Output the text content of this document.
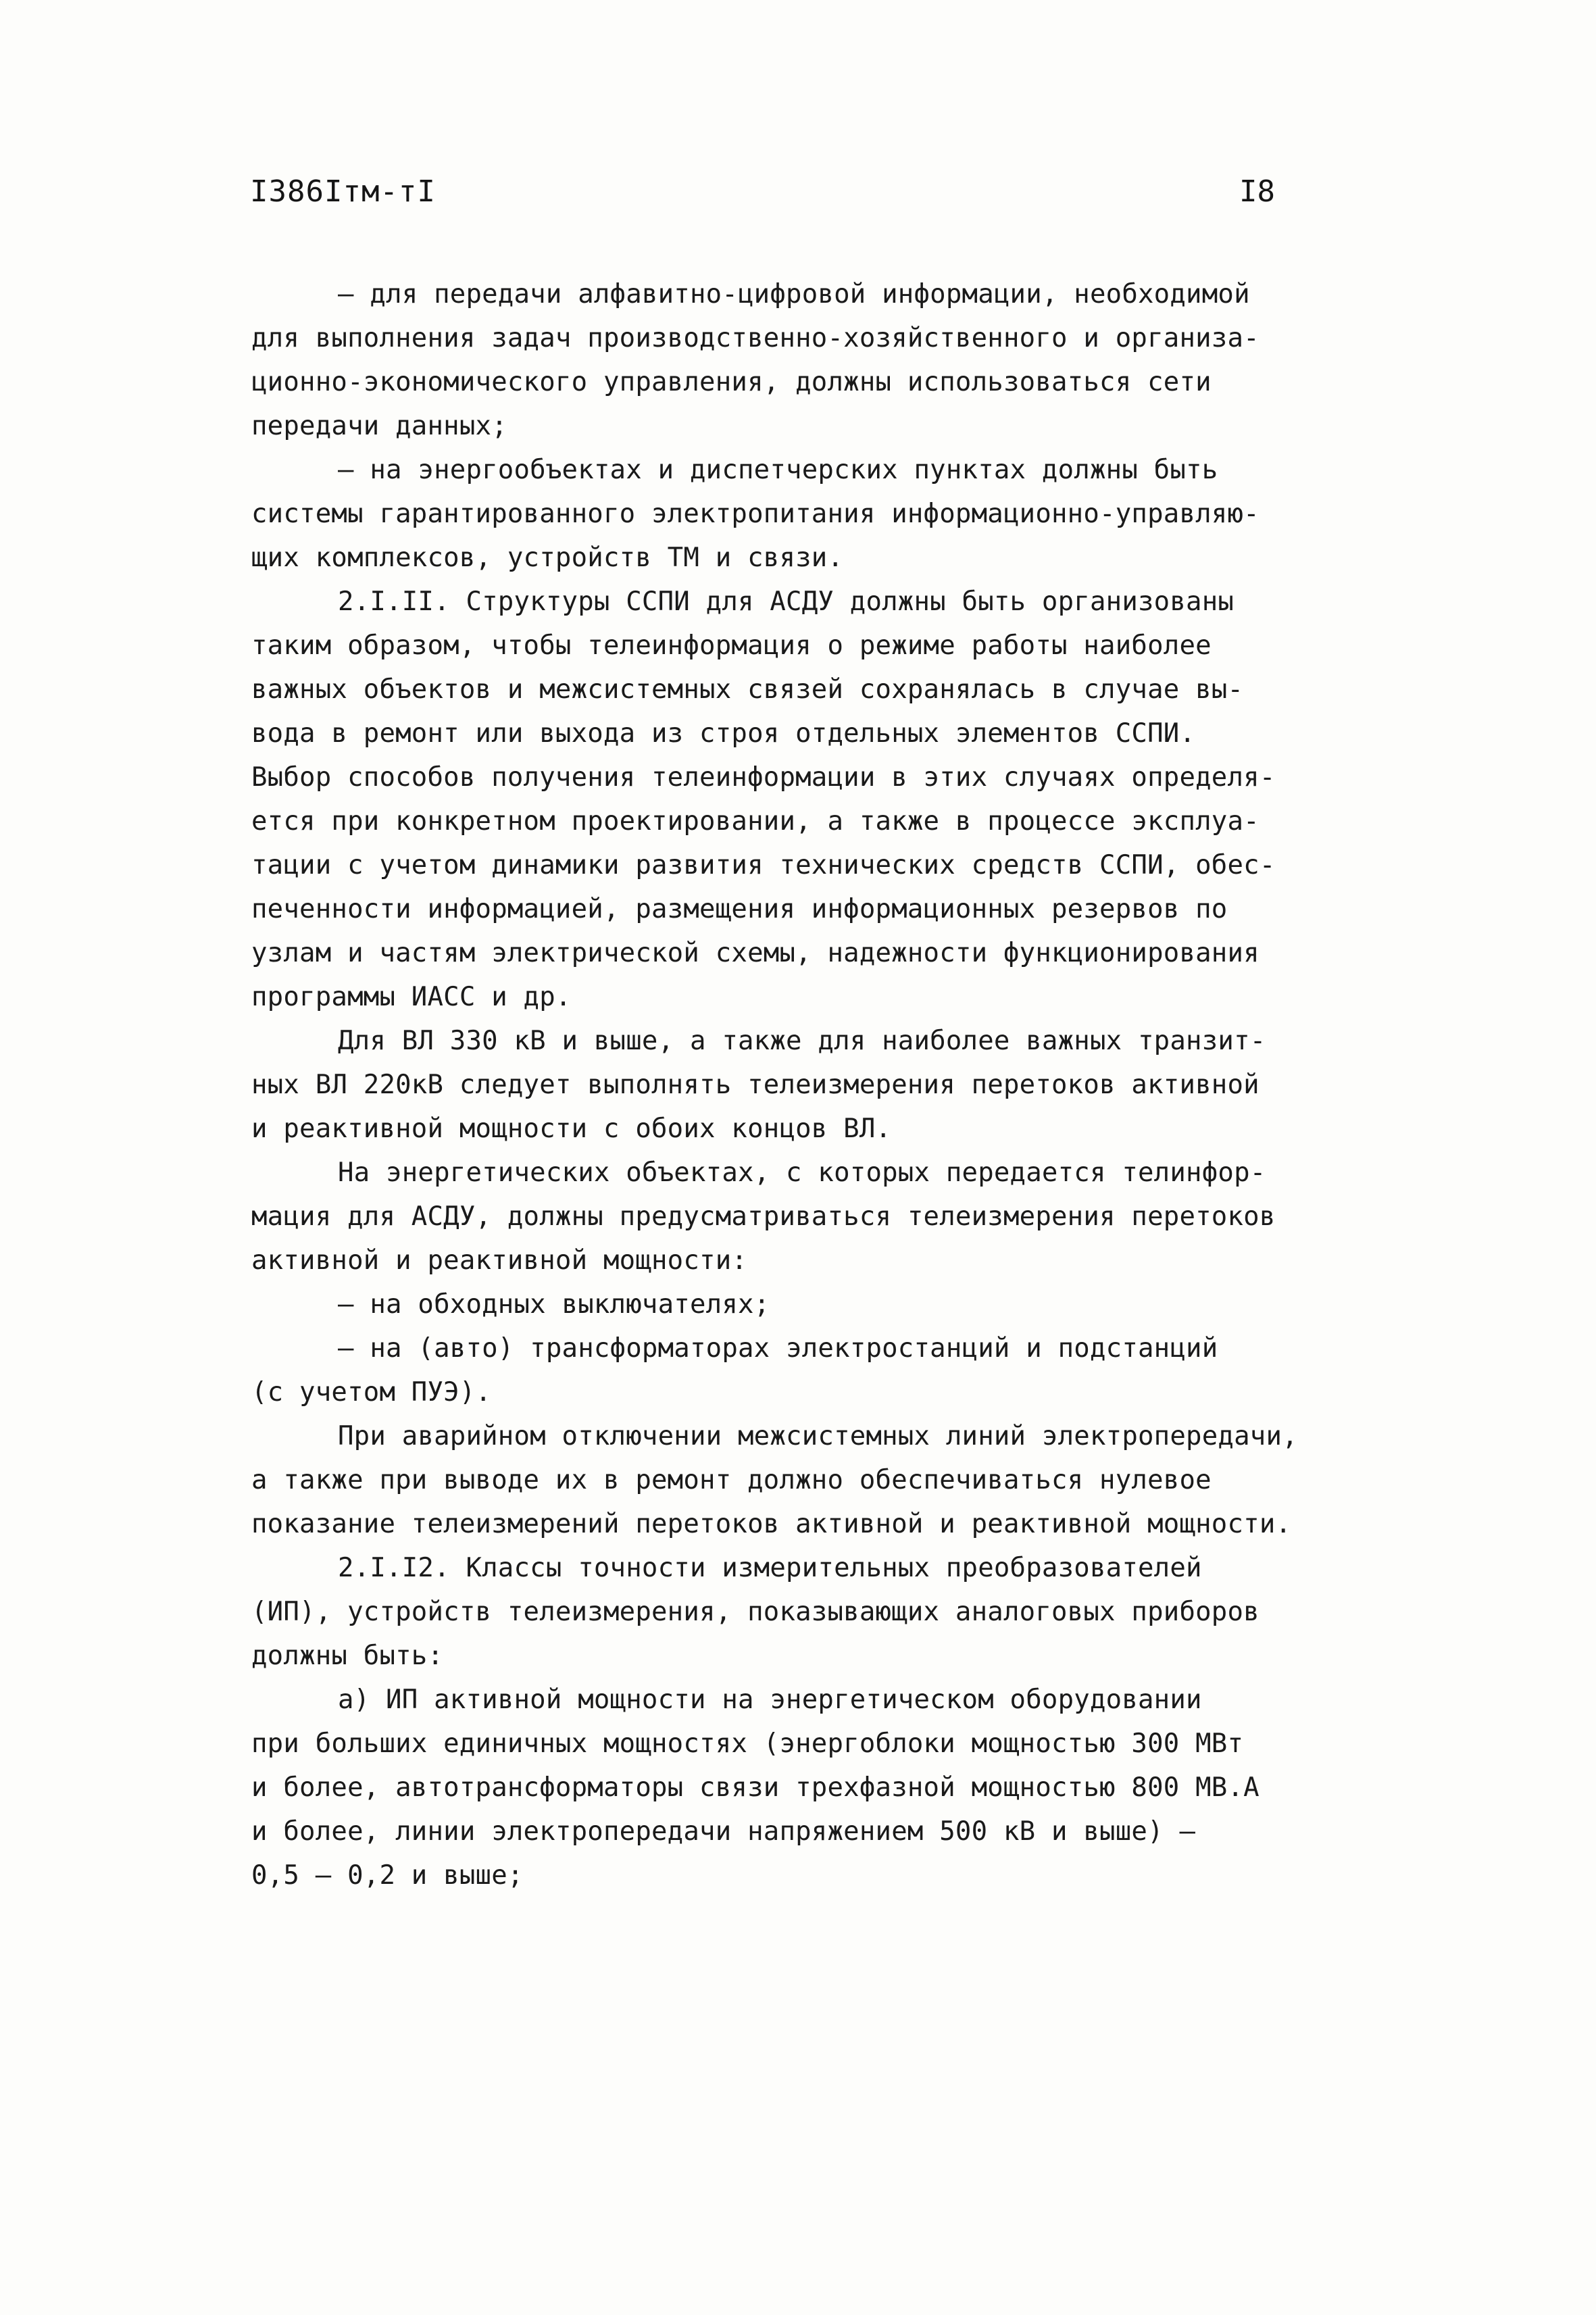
I386Iтм-тI	I8
– для передачи алфавитно-цифровой информации, необходимой
для выполнения задач производственно-хозяйственного и организа-
ционно-экономического управления, должны использоваться сети
передачи данных;
– на энергообъектах и диспетчерских пунктах должны быть
системы гарантированного электропитания информационно-управляю-
щих комплексов, устройств ТМ и связи.
2.I.II. Структуры ССПИ для АСДУ должны быть организованы
таким образом, чтобы телеинформация о режиме работы наиболее
важных объектов и межсистемных связей сохранялась в случае вы-
вода в ремонт или выхода из строя отдельных элементов ССПИ.
Выбор способов получения телеинформации в этих случаях определя-
ется при конкретном проектировании, а также в процессе эксплуа-
тации с учетом динамики развития технических средств ССПИ, обес-
печенности информацией, размещения информационных резервов по
узлам и частям электрической схемы, надежности функционирования
программы ИАСС и др.
Для ВЛ 330 кВ и выше, а также для наиболее важных транзит-
ных ВЛ 220кВ следует выполнять телеизмерения перетоков активной
и реактивной мощности с обоих концов ВЛ.
На энергетических объектах, с которых передается телинфор-
мация для АСДУ, должны предусматриваться телеизмерения перетоков
активной и реактивной мощности:
– на обходных выключателях;
– на (авто) трансформаторах электростанций и подстанций
(с учетом ПУЭ).
При аварийном отключении межсистемных линий электропередачи,
а также при выводе их в ремонт должно обеспечиваться нулевое
показание телеизмерений перетоков активной и реактивной мощности.
2.I.I2. Классы точности измерительных преобразователей
(ИП), устройств телеизмерения, показывающих аналоговых приборов
должны быть:
а) ИП активной мощности на энергетическом оборудовании
при больших единичных мощностях (энергоблоки мощностью 300 МВт
и более, автотрансформаторы связи трехфазной мощностью 800 МВ.А
и более, линии электропередачи напряжением 500 кВ и выше) –
0,5 – 0,2 и выше;
